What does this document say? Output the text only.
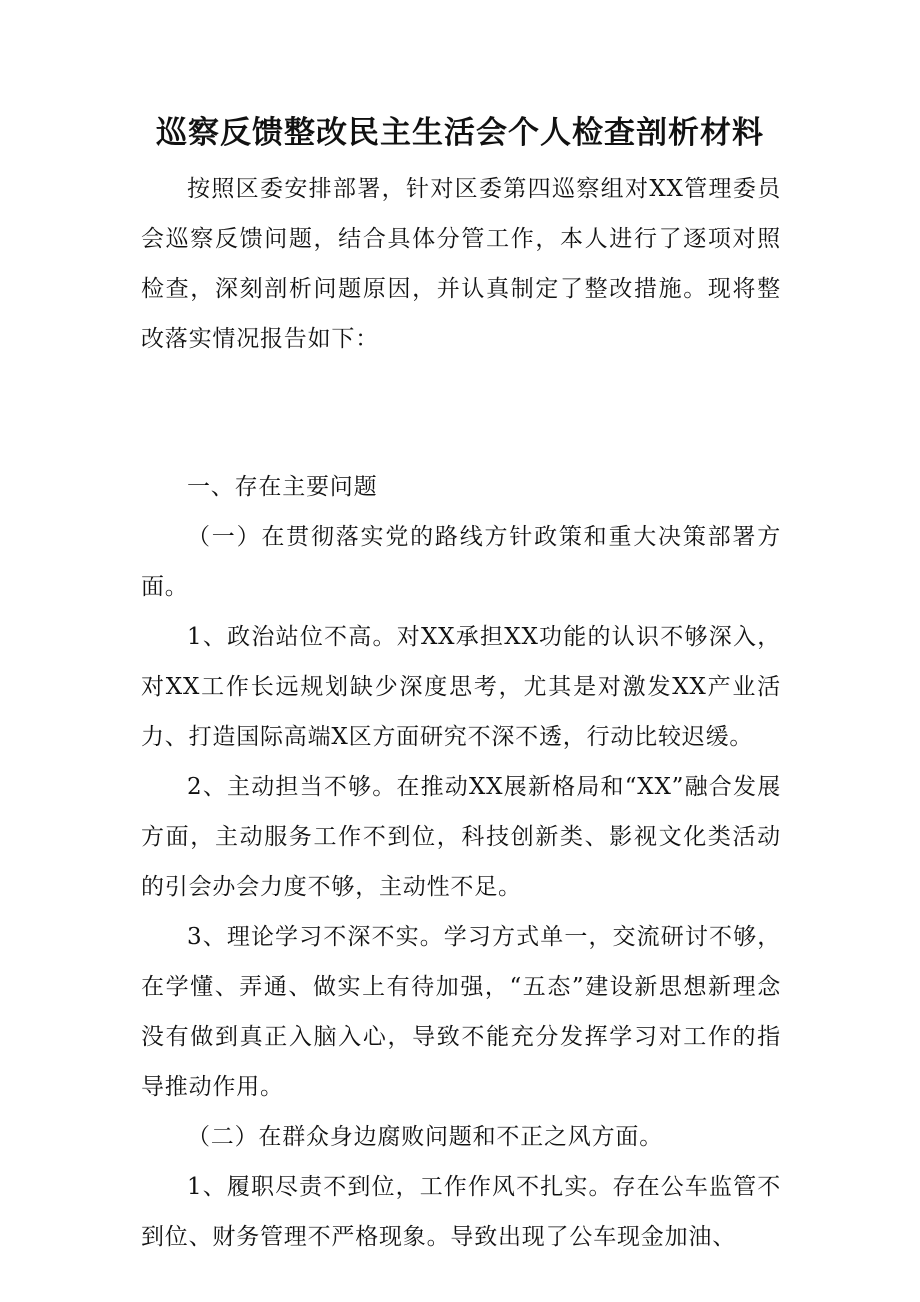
巡察反馈整改民主生活会个人检查剖析材料

按照区委安排部署，针对区委第四巡察组对XX管理委员会巡察反馈问题，结合具体分管工作，本人进行了逐项对照检查，深刻剖析问题原因，并认真制定了整改措施。现将整改落实情况报告如下：

一、存在主要问题

（一）在贯彻落实党的路线方针政策和重大决策部署方面。

1、政治站位不高。对XX承担XX功能的认识不够深入，对XX工作长远规划缺少深度思考，尤其是对激发XX产业活力、打造国际高端X区方面研究不深不透，行动比较迟缓。

2、主动担当不够。在推动XX展新格局和“XX”融合发展方面，主动服务工作不到位，科技创新类、影视文化类活动的引会办会力度不够，主动性不足。

3、理论学习不深不实。学习方式单一，交流研讨不够，在学懂、弄通、做实上有待加强，“五态”建设新思想新理念没有做到真正入脑入心，导致不能充分发挥学习对工作的指导推动作用。

（二）在群众身边腐败问题和不正之风方面。

1、履职尽责不到位，工作作风不扎实。存在公车监管不到位、财务管理不严格现象。导致出现了公车现金加油、
